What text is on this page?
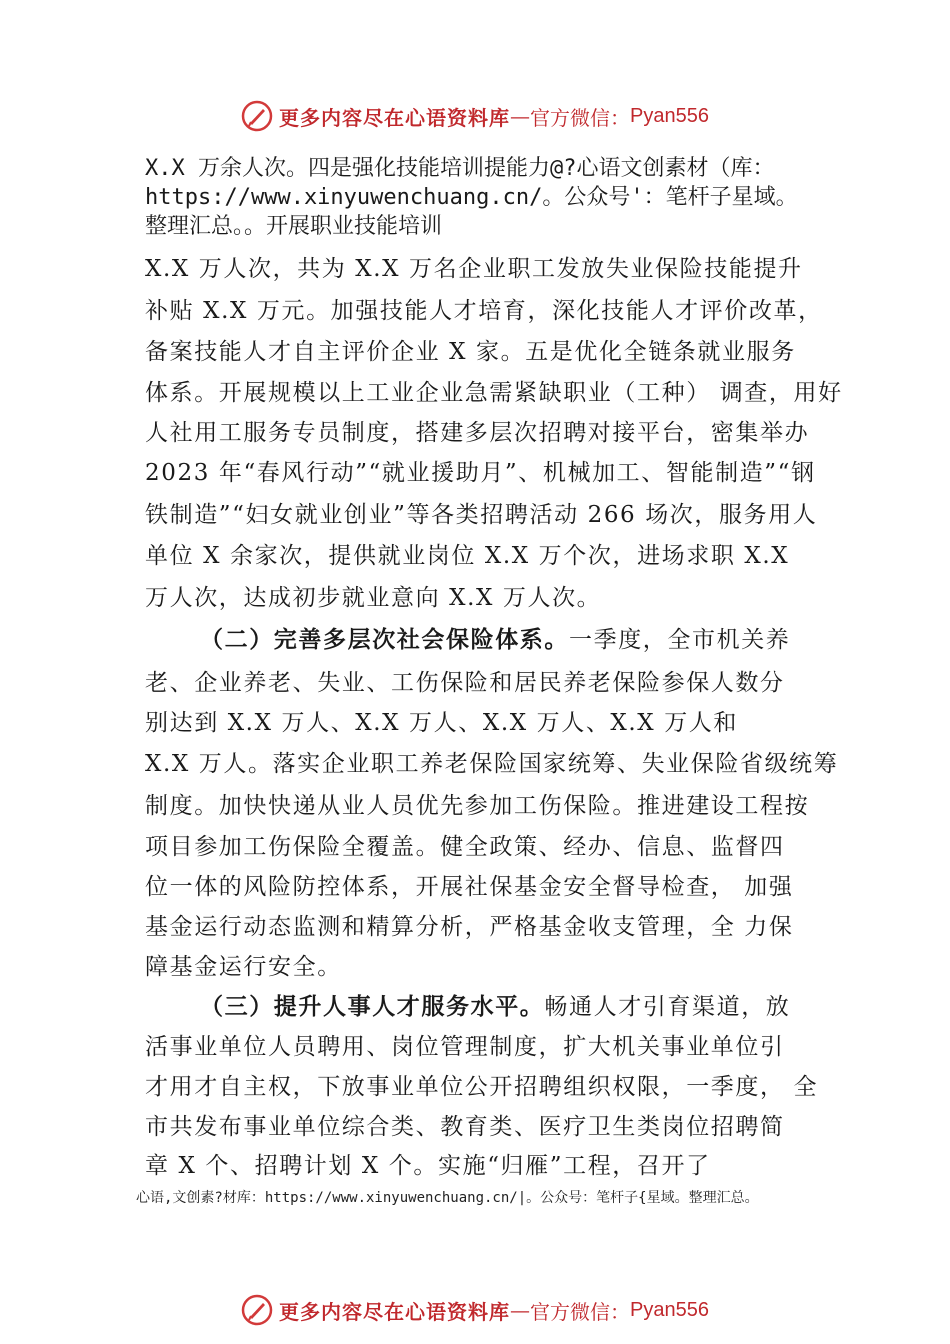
更多内容尽在心语资料库 — 官方微信： Pyan556
X.X 万余人次。四是强化技能培训提能力@?心语文创素材（库：
https://www.xinyuwenchuang.cn/。公众号'：笔杆子星域。
整理汇总。。开展职业技能培训
X.X 万人次，共为 X.X 万名企业职工发放失业保险技能提升
补贴 X.X 万元。加强技能人才培育，深化技能人才评价改革，
备案技能人才自主评价企业 X 家。五是优化全链条就业服务
体系。开展规模以上工业企业急需紧缺职业（工种） 调查，用好
人社用工服务专员制度，搭建多层次招聘对接平台，密集举办
2023 年“春风行动”“就业援助月”、机械加工、智能制造”“钢
铁制造”“妇女就业创业”等各类招聘活动 266 场次，服务用人
单位 X 余家次，提供就业岗位 X.X 万个次，进场求职 X.X
万人次，达成初步就业意向 X.X 万人次。
（二）完善多层次社会保险体系。一季度，全市机关养
老、企业养老、失业、工伤保险和居民养老保险参保人数分
别达到 X.X 万人、X.X 万人、X.X 万人、X.X 万人和
X.X 万人。落实企业职工养老保险国家统筹、失业保险省级统筹
制度。加快快递从业人员优先参加工伤保险。推进建设工程按
项目参加工伤保险全覆盖。健全政策、经办、信息、监督四
位一体的风险防控体系，开展社保基金安全督导检查， 加强
基金运行动态监测和精算分析，严格基金收支管理，全 力保
障基金运行安全。
（三）提升人事人才服务水平。畅通人才引育渠道，放
活事业单位人员聘用、岗位管理制度，扩大机关事业单位引
才用才自主权，下放事业单位公开招聘组织权限，一季度， 全
市共发布事业单位综合类、教育类、医疗卫生类岗位招聘简
章 X 个、招聘计划 X 个。实施“归雁”工程，召开了
心语,文创素?材库：https://www.xinyuwenchuang.cn/|。公众号：笔杆子{星域。整理汇总。
更多内容尽在心语资料库 — 官方微信： Pyan556
